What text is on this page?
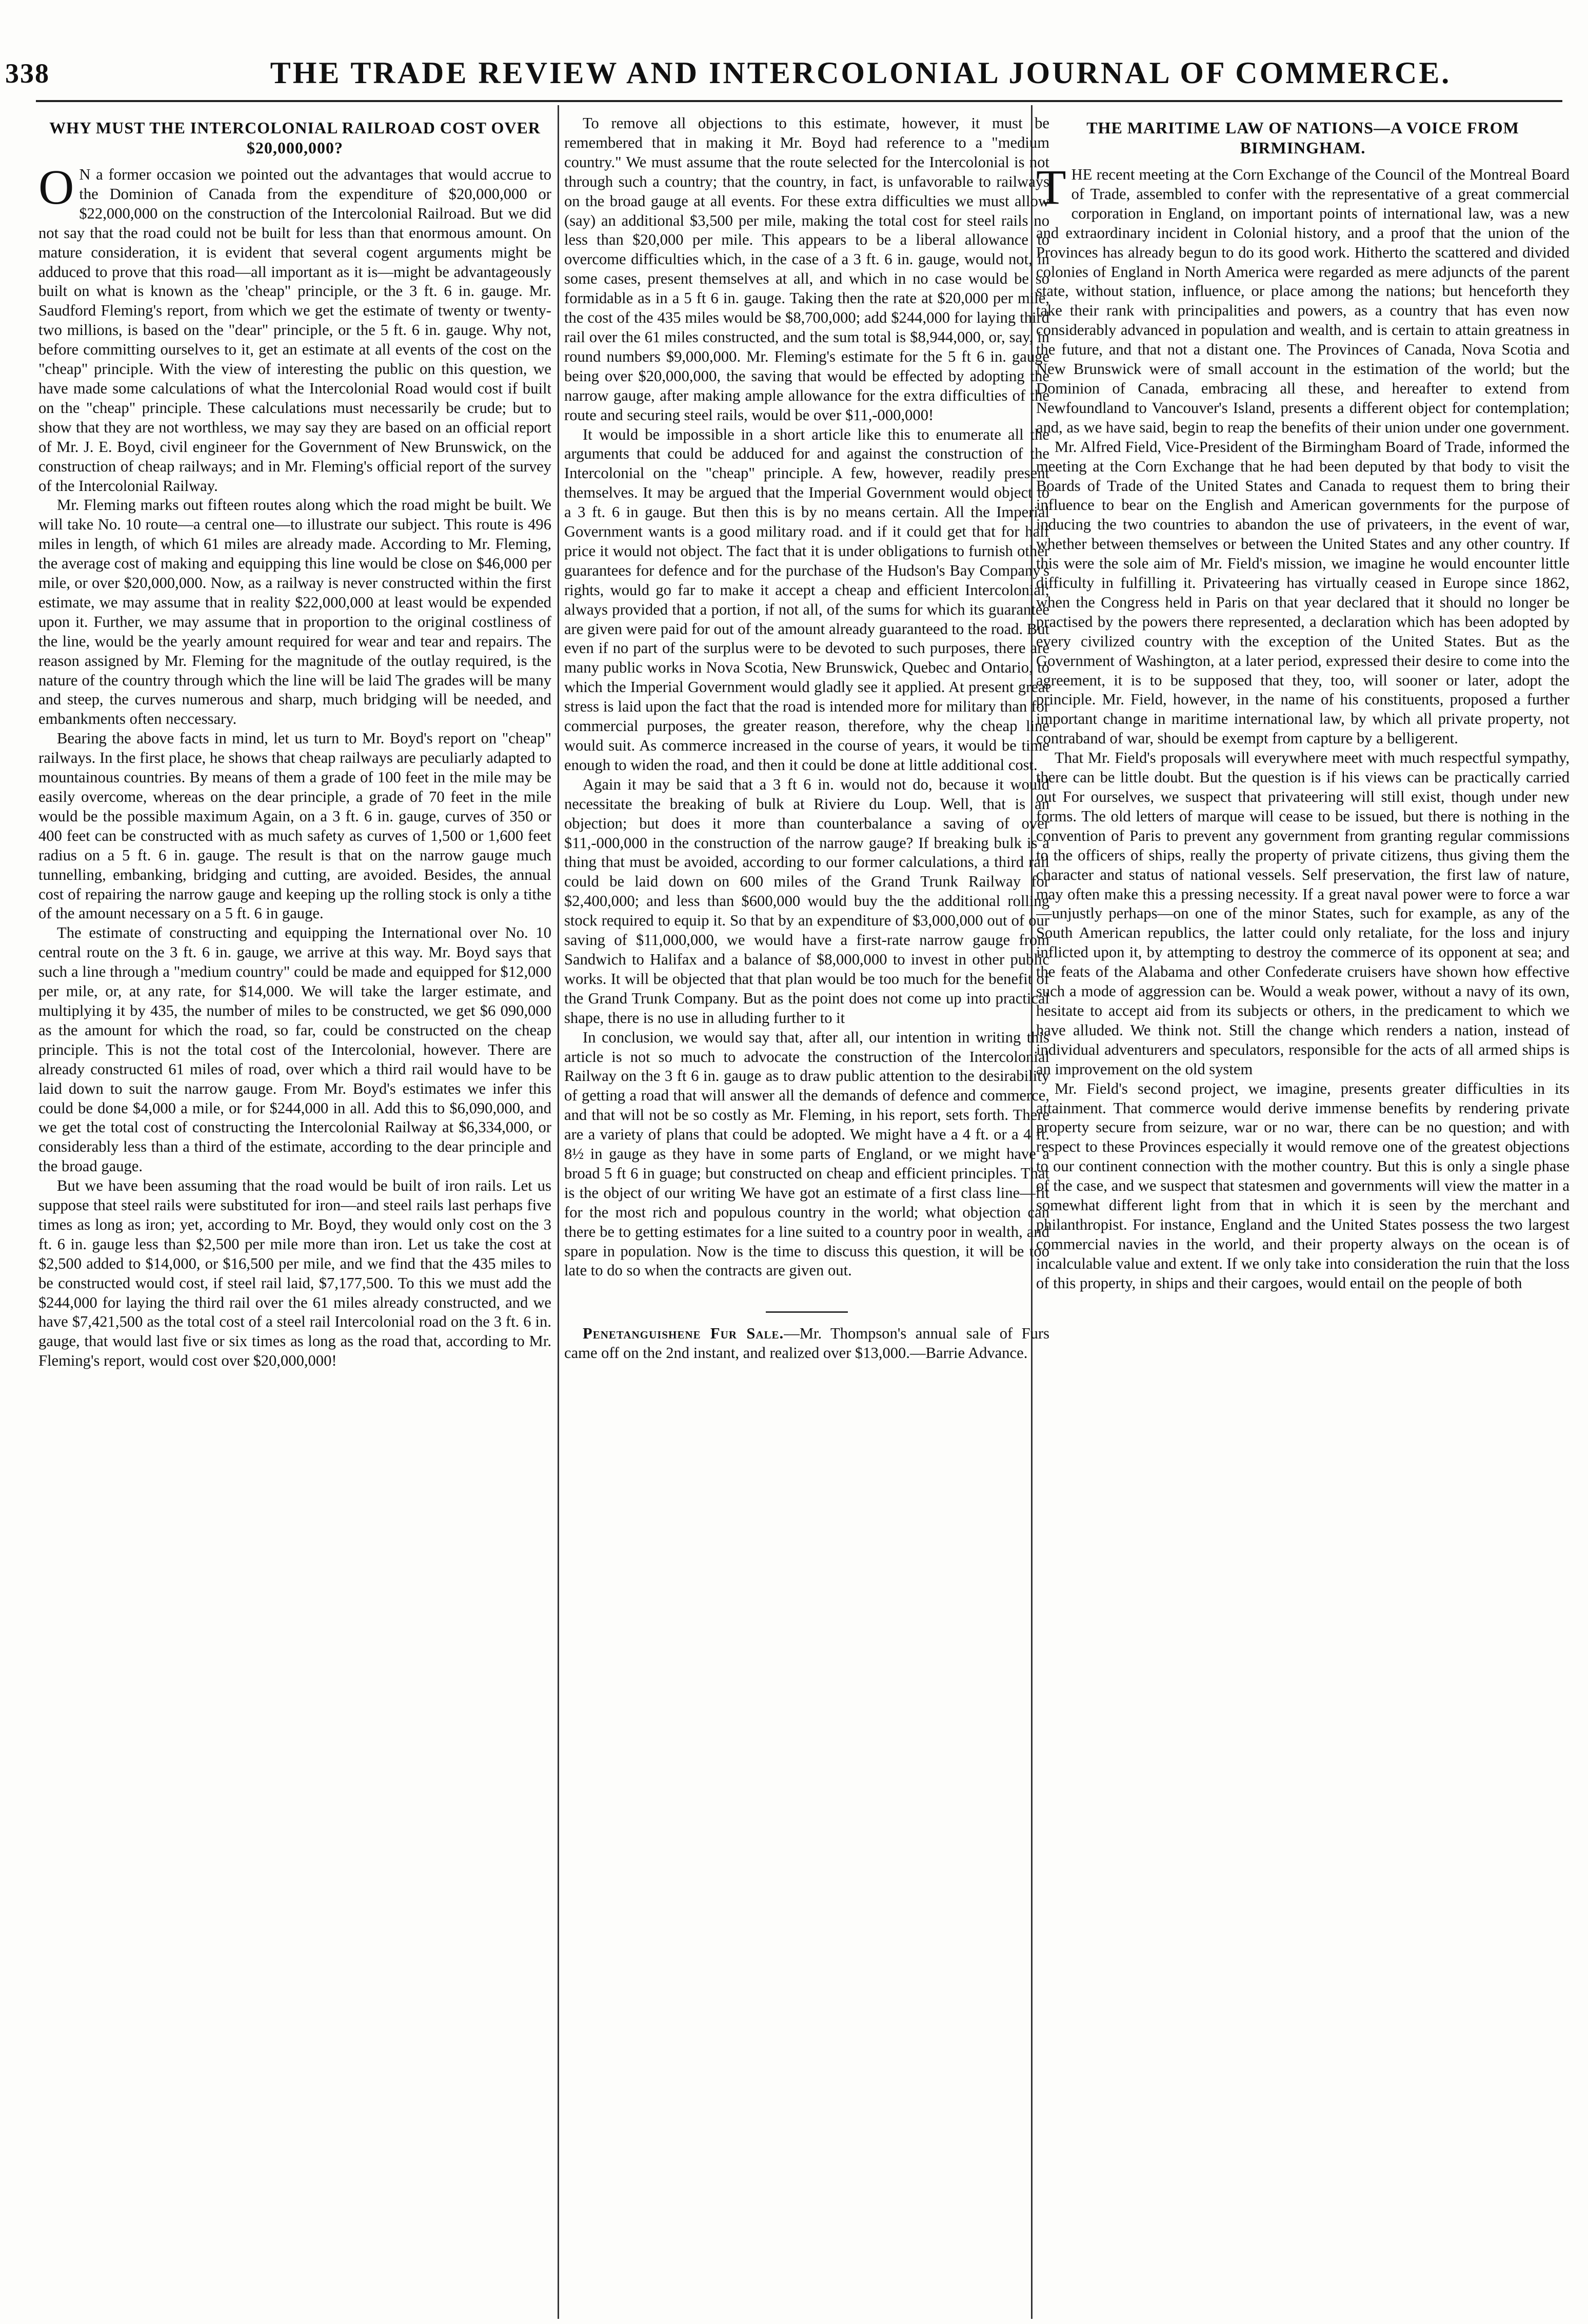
338	THE TRADE REVIEW AND INTERCOLONIAL JOURNAL OF COMMERCE.
WHY MUST THE INTERCOLONIAL RAILROAD COST OVER $20,000,000?

O N a former occasion we pointed out the advantages that would accrue to the Dominion of Canada from the expenditure of $20,000,000 or $22,000,000 on the construction of the Intercolonial Railroad. But we did not say that the road could not be built for less than that enormous amount. On mature consideration, it is evident that several cogent arguments might be adduced to prove that this road—all important as it is—might be advantageously built on what is known as the 'cheap" principle, or the 3 ft. 6 in. gauge. Mr. Saudford Fleming's report, from which we get the estimate of twenty or twenty-two millions, is based on the "dear" principle, or the 5 ft. 6 in. gauge. Why not, before committing ourselves to it, get an estimate at all events of the cost on the "cheap" principle. With the view of interesting the public on this question, we have made some calculations of what the Intercolonial Road would cost if built on the "cheap" principle. These calculations must necessarily be crude; but to show that they are not worthless, we may say they are based on an official report of Mr. J. E. Boyd, civil engineer for the Government of New Brunswick, on the construction of cheap railways; and in Mr. Fleming's official report of the survey of the Intercolonial Railway.

Mr. Fleming marks out fifteen routes along which the road might be built. We will take No. 10 route—a central one—to illustrate our subject. This route is 496 miles in length, of which 61 miles are already made. According to Mr. Fleming, the average cost of making and equipping this line would be close on $46,000 per mile, or over $20,000,000. Now, as a railway is never constructed within the first estimate, we may assume that in reality $22,000,000 at least would be expended upon it. Further, we may assume that in proportion to the original costliness of the line, would be the yearly amount required for wear and tear and repairs. The reason assigned by Mr. Fleming for the magnitude of the outlay required, is the nature of the country through which the line will be laid The grades will be many and steep, the curves numerous and sharp, much bridging will be needed, and embankments often neccessary.

Bearing the above facts in mind, let us turn to Mr. Boyd's report on "cheap" railways. In the first place, he shows that cheap railways are peculiarly adapted to mountainous countries. By means of them a grade of 100 feet in the mile may be easily overcome, whereas on the dear principle, a grade of 70 feet in the mile would be the possible maximum Again, on a 3 ft. 6 in. gauge, curves of 350 or 400 feet can be constructed with as much safety as curves of 1,500 or 1,600 feet radius on a 5 ft. 6 in. gauge. The result is that on the narrow gauge much tunnelling, embanking, bridging and cutting, are avoided. Besides, the annual cost of repairing the narrow gauge and keeping up the rolling stock is only a tithe of the amount necessary on a 5 ft. 6 in gauge.

The estimate of constructing and equipping the International over No. 10 central route on the 3 ft. 6 in. gauge, we arrive at this way. Mr. Boyd says that such a line through a "medium country" could be made and equipped for $12,000 per mile, or, at any rate, for $14,000. We will take the larger estimate, and multiplying it by 435, the number of miles to be constructed, we get $6 090,000 as the amount for which the road, so far, could be constructed on the cheap principle. This is not the total cost of the Intercolonial, however. There are already constructed 61 miles of road, over which a third rail would have to be laid down to suit the narrow gauge. From Mr. Boyd's estimates we infer this could be done $4,000 a mile, or for $244,000 in all. Add this to $6,090,000, and we get the total cost of constructing the Intercolonial Railway at $6,334,000, or considerably less than a third of the estimate, according to the dear principle and the broad gauge.

But we have been assuming that the road would be built of iron rails. Let us suppose that steel rails were substituted for iron—and steel rails last perhaps five times as long as iron; yet, according to Mr. Boyd, they would only cost on the 3 ft. 6 in. gauge less than $2,500 per mile more than iron. Let us take the cost at $2,500 added to $14,000, or $16,500 per mile, and we find that the 435 miles to be constructed would cost, if steel rail laid, $7,177,500. To this we must add the $244,000 for laying the third rail over the 61 miles already constructed, and we have $7,421,500 as the total cost of a steel rail Intercolonial road on the 3 ft. 6 in. gauge, that would last five or six times as long as the road that, according to Mr. Fleming's report, would cost over $20,000,000!

To remove all objections to this estimate, however, it must be remembered that in making it Mr. Boyd had reference to a "medium country." We must assume that the route selected for the Intercolonial is not through such a country; that the country, in fact, is unfavorable to railways on the broad gauge at all events. For these extra difficulties we must allow (say) an additional $3,500 per mile, making the total cost for steel rails no less than $20,000 per mile. This appears to be a liberal allowance to overcome difficulties which, in the case of a 3 ft. 6 in. gauge, would not, in some cases, present themselves at all, and which in no case would be so formidable as in a 5 ft 6 in. gauge. Taking then the rate at $20,000 per mile, the cost of the 435 miles would be $8,700,000; add $244,000 for laying third rail over the 61 miles constructed, and the sum total is $8,944,000, or, say, in round numbers $9,000,000. Mr. Fleming's estimate for the 5 ft 6 in. gauge being over $20,000,000, the saving that would be effected by adopting the narrow gauge, after making ample allowance for the extra difficulties of the route and securing steel rails, would be over $11,-000,000!

It would be impossible in a short article like this to enumerate all the arguments that could be adduced for and against the construction of the Intercolonial on the "cheap" principle. A few, however, readily present themselves. It may be argued that the Imperial Government would object to a 3 ft. 6 in gauge. But then this is by no means certain. All the Imperial Government wants is a good military road. and if it could get that for half price it would not object. The fact that it is under obligations to furnish other guarantees for defence and for the purchase of the Hudson's Bay Company's rights, would go far to make it accept a cheap and efficient Intercolonial; always provided that a portion, if not all, of the sums for which its guarantee are given were paid for out of the amount already guaranteed to the road. But even if no part of the surplus were to be devoted to such purposes, there are many public works in Nova Scotia, New Brunswick, Quebec and Ontario, to which the Imperial Government would gladly see it applied. At present great stress is laid upon the fact that the road is intended more for military than for commercial purposes, the greater reason, therefore, why the cheap line would suit. As commerce increased in the course of years, it would be time enough to widen the road, and then it could be done at little additional cost.

Again it may be said that a 3 ft 6 in. would not do, because it would necessitate the breaking of bulk at Riviere du Loup. Well, that is an objection; but does it more than counterbalance a saving of over $11,-000,000 in the construction of the narrow gauge? If breaking bulk is a thing that must be avoided, according to our former calculations, a third rail could be laid down on 600 miles of the Grand Trunk Railway for $2,400,000; and less than $600,000 would buy the the additional rolling stock required to equip it. So that by an expenditure of $3,000,000 out of our saving of $11,000,000, we would have a first-rate narrow gauge from Sandwich to Halifax and a balance of $8,000,000 to invest in other public works. It will be objected that that plan would be too much for the benefit of the Grand Trunk Company. But as the point does not come up into practical shape, there is no use in alluding further to it

In conclusion, we would say that, after all, our intention in writing this article is not so much to advocate the construction of the Intercolonial Railway on the 3 ft 6 in. gauge as to draw public attention to the desirability of getting a road that will answer all the demands of defence and commerce, and that will not be so costly as Mr. Fleming, in his report, sets forth. There are a variety of plans that could be adopted. We might have a 4 ft. or a 4 ft. 8½ in gauge as they have in some parts of England, or we might have a broad 5 ft 6 in guage; but constructed on cheap and efficient principles. That is the object of our writing We have got an estimate of a first class line—fit for the most rich and populous country in the world; what objection can there be to getting estimates for a line suited to a country poor in wealth, and spare in population. Now is the time to discuss this question, it will be too late to do so when the contracts are given out.

Penetanguishene Fur Sale.—Mr. Thompson's annual sale of Furs came off on the 2nd instant, and realized over $13,000.—Barrie Advance.

THE MARITIME LAW OF NATIONS—A VOICE FROM BIRMINGHAM.

THE recent meeting at the Corn Exchange of the Council of the Montreal Board of Trade, assembled to confer with the representative of a great commercial corporation in England, on important points of international law, was a new and extraordinary incident in Colonial history, and a proof that the union of the Provinces has already begun to do its good work. Hitherto the scattered and divided colonies of England in North America were regarded as mere adjuncts of the parent state, without station, influence, or place among the nations; but henceforth they take their rank with principalities and powers, as a country that has even now considerably advanced in population and wealth, and is certain to attain greatness in the future, and that not a distant one. The Provinces of Canada, Nova Scotia and New Brunswick were of small account in the estimation of the world; but the Dominion of Canada, embracing all these, and hereafter to extend from Newfoundland to Vancouver's Island, presents a different object for contemplation; and, as we have said, begin to reap the benefits of their union under one government.

Mr. Alfred Field, Vice-President of the Birmingham Board of Trade, informed the meeting at the Corn Exchange that he had been deputed by that body to visit the Boards of Trade of the United States and Canada to request them to bring their influence to bear on the English and American governments for the purpose of inducing the two countries to abandon the use of privateers, in the event of war, whether between themselves or between the United States and any other country. If this were the sole aim of Mr. Field's mission, we imagine he would encounter little difficulty in fulfilling it. Privateering has virtually ceased in Europe since 1862, when the Congress held in Paris on that year declared that it should no longer be practised by the powers there represented, a declaration which has been adopted by every civilized country with the exception of the United States. But as the Government of Washington, at a later period, expressed their desire to come into the agreement, it is to be supposed that they, too, will sooner or later, adopt the principle. Mr. Field, however, in the name of his constituents, proposed a further important change in maritime international law, by which all private property, not contraband of war, should be exempt from capture by a belligerent.

That Mr. Field's proposals will everywhere meet with much respectful sympathy, there can be little doubt. But the question is if his views can be practically carried out For ourselves, we suspect that privateering will still exist, though under new forms. The old letters of marque will cease to be issued, but there is nothing in the convention of Paris to prevent any government from granting regular commissions to the officers of ships, really the property of private citizens, thus giving them the character and status of national vessels. Self preservation, the first law of nature, may often make this a pressing necessity. If a great naval power were to force a war—unjustly perhaps—on one of the minor States, such for example, as any of the South American republics, the latter could only retaliate, for the loss and injury inflicted upon it, by attempting to destroy the commerce of its opponent at sea; and the feats of the Alabama and other Confederate cruisers have shown how effective such a mode of aggression can be. Would a weak power, without a navy of its own, hesitate to accept aid from its subjects or others, in the predicament to which we have alluded. We think not. Still the change which renders a nation, instead of individual adventurers and speculators, responsible for the acts of all armed ships is an improvement on the old system

Mr. Field's second project, we imagine, presents greater difficulties in its attainment. That commerce would derive immense benefits by rendering private property secure from seizure, war or no war, there can be no question; and with respect to these Provinces especially it would remove one of the greatest objections to our continent connection with the mother country. But this is only a single phase of the case, and we suspect that statesmen and governments will view the matter in a somewhat different light from that in which it is seen by the merchant and philanthropist. For instance, England and the United States possess the two largest commercial navies in the world, and their property always on the ocean is of incalculable value and extent. If we only take into consideration the ruin that the loss of this property, in ships and their cargoes, would entail on the people of both
